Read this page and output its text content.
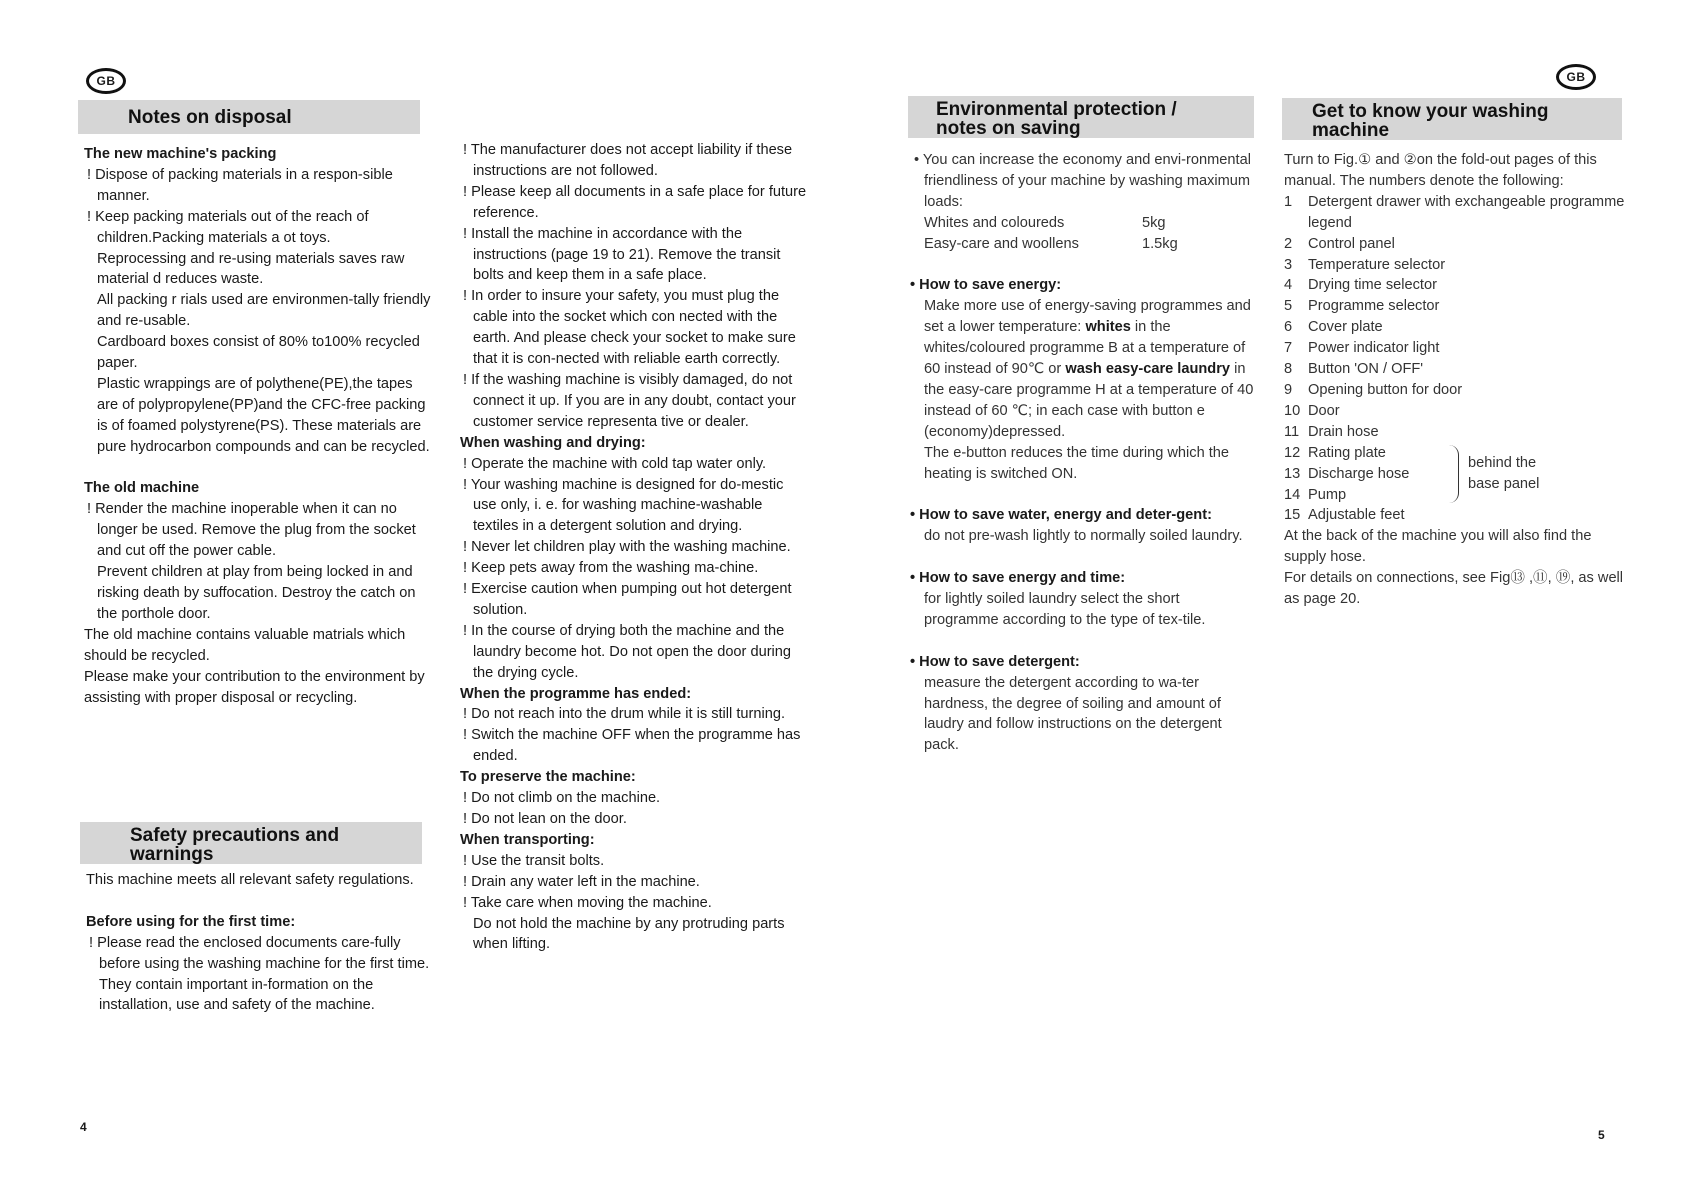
GB
Notes on disposal

The new machine's packing

! Dispose of packing materials in a respon-sible manner.

! Keep packing materials out of the reach of children.Packing materials a ot toys.

Reprocessing and re-using materials saves raw material d reduces waste.

All packing r rials used are environmen-tally friendly and re-usable.

Cardboard boxes consist of 80% to100% recycled paper.

Plastic wrappings are of polythene(PE),the tapes are of polypropylene(PP)and the CFC-free packing is of foamed polystyrene(PS). These materials are pure hydrocarbon compounds and can be recycled.

The old machine

! Render the machine inoperable when it can no longer be used. Remove the plug from the socket and cut off the power cable.

Prevent children at play from being locked in and risking death by suffocation. Destroy the catch on the porthole door.

The old machine contains valuable matrials which should be recycled.

Please make your contribution to the environment by assisting with proper disposal or recycling.

Safety precautions and
warnings

This machine meets all relevant safety regulations.

Before using for the first time:

! Please read the enclosed documents care-fully before using the washing machine for the first time. They contain important in-formation on the installation, use and safety of the machine.

! The manufacturer does not accept liability if these instructions are not followed.

! Please keep all documents in a safe place for future reference.

! Install the machine in accordance with the instructions (page 19 to 21). Remove the transit bolts and keep them in a safe place.

! In order to insure your safety, you must plug the cable into the socket which con nected with the earth. And please check your socket to make sure that it is con-nected with reliable earth correctly.

! If the washing machine is visibly damaged, do not connect it up. If you are in any doubt, contact your customer service representa tive or dealer.

When washing and drying:

! Operate the machine with cold tap water only.

! Your washing machine is designed for do-mestic use only, i. e. for washing machine-washable textiles in a detergent solution and drying.

! Never let children play with the washing machine.

! Keep pets away from the washing ma-chine.

! Exercise caution when pumping out hot detergent solution.

! In the course of drying both the machine and the laundry become hot. Do not open the door during the drying cycle.

When the programme has ended:

! Do not reach into the drum while it is still turning.

! Switch the machine OFF when the programme has ended.

To preserve the machine:

! Do not climb on the machine.

! Do not lean on the door.

When transporting:

! Use the transit bolts.

! Drain any water left in the machine.

! Take care when moving the machine.

Do not hold the machine by any protruding parts when lifting.

4
GB
Environmental protection /
notes on saving

• You can increase the economy and envi-ronmental friendliness of your machine by washing maximum loads:

Whites and coloureds	5kg
Easy-care and woollens	1.5kg

• How to save energy:

Make more use of energy-saving programmes and set a lower temperature: whites in the whites/coloured programme B at a temperature of 60 instead of 90℃ or wash easy-care laundry in the easy-care programme H at a temperature of 40 instead of 60 ℃; in each case with button e (economy)depressed.

The e-button reduces the time during which the heating is switched ON.

• How to save water, energy and deter-gent:

do not pre-wash lightly to normally soiled laundry.

• How to save energy and time:

for lightly soiled laundry select the short programme according to the type of tex-tile.

• How to save detergent:

measure the detergent according to wa-ter hardness, the degree of soiling and amount of laudry and follow instructions on the detergent pack.

Get to know your washing
machine

Turn to Fig.① and ②on the fold-out pages of this manual. The numbers denote the following:

1	Detergent drawer with exchangeable programme legend
2	Control panel
3	Temperature selector
4	Drying time selector
5	Programme selector
6	Cover plate
7	Power indicator light
8	Button 'ON / OFF'
9	Opening button for door
10 Door
11 Drain hose
12 Rating plate
13 Discharge hose
14 Pump
behind the
base panel
15 Adjustable feet

At the back of the machine you will also find the supply hose.

For details on connections, see Fig⑬ ,⑪, ⑲, as well as page 20.

5
